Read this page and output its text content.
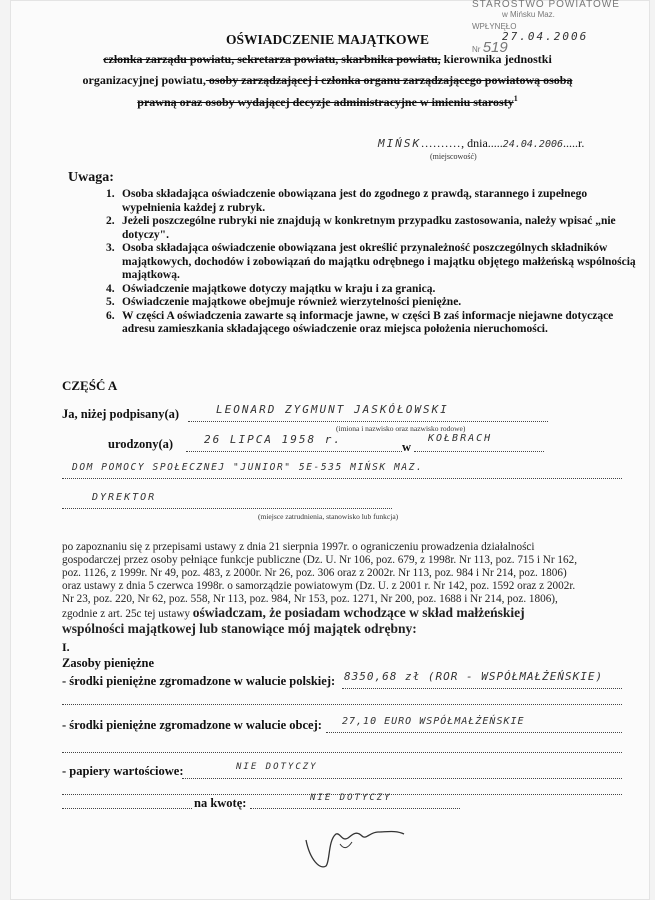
STAROSTWO POWIATOWE
w Mińsku Maz.
WPŁYNĘŁO 27.04.2006
Nr 519
OŚWIADCZENIE MAJĄTKOWE
członka zarządu powiatu, sekretarza powiatu, skarbnika powiatu, kierownika jednostki
organizacyjnej powiatu, osoby zarządzającej i członka organu zarządzającego powiatową osobą
prawną oraz osoby wydającej decyzje administracyjne w imieniu starosty$^1$
MIŃSK.........., dnia.....24.04.2006.....r.
(miejscowość)
Uwaga:
1. Osoba składająca oświadczenie obowiązana jest do zgodnego z prawdą, starannego i zupełnego wypełnienia każdej z rubryk.
2. Jeżeli poszczególne rubryki nie znajdują w konkretnym przypadku zastosowania, należy wpisać „nie dotyczy".
3. Osoba składająca oświadczenie obowiązana jest określić przynależność poszczególnych składników majątkowych, dochodów i zobowiązań do majątku odrębnego i majątku objętego małżeńską wspólnością majątkową.
4. Oświadczenie majątkowe dotyczy majątku w kraju i za granicą.
5. Oświadczenie majątkowe obejmuje również wierzytelności pieniężne.
6. W części A oświadczenia zawarte są informacje jawne, w części B zaś informacje niejawne dotyczące adresu zamieszkania składającego oświadczenie oraz miejsca położenia nieruchomości.
CZĘŚĆ A
Ja, niżej podpisany(a)	LEONARD ZYGMUNT JASKÓŁOWSKI
(imiona i nazwisko oraz nazwisko rodowe)
urodzony(a)	26 LIPCA 1958 r.
w
KOŁBRACH
DOM POMOCY SPOŁECZNEJ "JUNIOR" 5E-535 MIŃSK MAZ.
DYREKTOR
(miejsce zatrudnienia, stanowisko lub funkcja)
po zapoznaniu się z przepisami ustawy z dnia 21 sierpnia 1997r. o ograniczeniu prowadzenia działalności
gospodarczej przez osoby pełniące funkcje publiczne (Dz. U. Nr 106, poz. 679, z 1998r. Nr 113, poz. 715 i Nr 162,
poz. 1126, z 1999r. Nr 49, poz. 483, z 2000r. Nr 26, poz. 306 oraz z 2002r. Nr 113, poz. 984 i Nr 214, poz. 1806)
oraz ustawy z dnia 5 czerwca 1998r. o samorządzie powiatowym (Dz. U. z 2001 r. Nr 142, poz. 1592 oraz z 2002r.
Nr 23, poz. 220, Nr 62, poz. 558, Nr 113, poz. 984, Nr 153, poz. 1271, Nr 200, poz. 1688 i Nr 214, poz. 1806),
zgodnie z art. 25c tej ustawy oświadczam, że posiadam wchodzące w skład małżeńskiej
wspólności majątkowej lub stanowiące mój majątek odrębny:
I.
Zasoby pieniężne
- środki pieniężne zgromadzone w walucie polskiej: 8350,68 zł (ROR - WSPÓŁMAŁŻEŃSKIE)
- środki pieniężne zgromadzone w walucie obcej: 27,10 EURO WSPÓŁMAŁŻEŃSKIE
- papiery wartościowe:	NIE DOTYCZY
na kwotę:	NIE DOTYCZY
